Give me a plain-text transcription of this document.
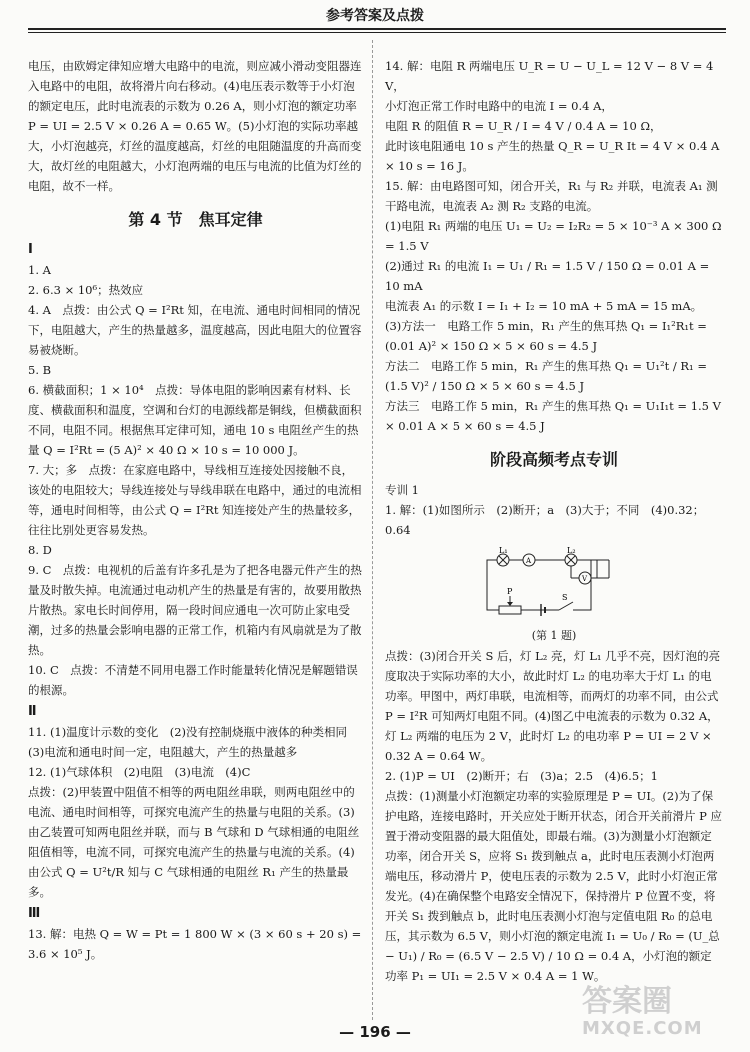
参考答案及点拨

电压，由欧姆定律知应增大电路中的电流，则应减小滑动变阻器连入电路中的电阻，故将滑片向右移动。(4)电压表示数等于小灯泡的额定电压，此时电流表的示数为 0.26 A，则小灯泡的额定功率 P = UI = 2.5 V × 0.26 A = 0.65 W。(5)小灯泡的实际功率越大，小灯泡越亮，灯丝的温度越高，灯丝的电阻随温度的升高而变大，故灯丝的电阻越大，小灯泡两端的电压与电流的比值为灯丝的电阻，故不一样。

第 4 节　焦耳定律
Ⅰ

1. A

2. 6.3 × 10⁶；热效应

4. A　点拨：由公式 Q = I²Rt 知，在电流、通电时间相同的情况下，电阻越大，产生的热量越多，温度越高，因此电阻大的位置容易被烧断。

5. B

6. 横截面积；1 × 10⁴　点拨：导体电阻的影响因素有材料、长度、横截面积和温度，空调和台灯的电源线都是铜线，但横截面积不同，电阻不同。根据焦耳定律可知，通电 10 s 电阻丝产生的热量 Q = I²Rt = (5 A)² × 40 Ω × 10 s = 10 000 J。

7. 大；多　点拨：在家庭电路中，导线相互连接处因接触不良，该处的电阻较大；导线连接处与导线串联在电路中，通过的电流相等，通电时间相等，由公式 Q = I²Rt 知连接处产生的热量较多，往往比别处更容易发热。

8. D

9. C　点拨：电视机的后盖有许多孔是为了把各电器元件产生的热量及时散失掉。电流通过电动机产生的热量是有害的，故要用散热片散热。家电长时间停用，隔一段时间应通电一次可防止家电受潮，过多的热量会影响电器的正常工作，机箱内有风扇就是为了散热。

10. C　点拨：不清楚不同用电器工作时能量转化情况是解题错误的根源。

Ⅱ

11. (1)温度计示数的变化　(2)没有控制烧瓶中液体的种类相同　(3)电流和通电时间一定，电阻越大，产生的热量越多

12. (1)气球体积　(2)电阻　(3)电流　(4)C

点拨：(2)甲装置中阻值不相等的两电阻丝串联，则两电阻丝中的电流、通电时间相等，可探究电流产生的热量与电阻的关系。(3)由乙装置可知两电阻丝并联，而与 B 气球和 D 气球相通的电阻丝阻值相等，电流不同，可探究电流产生的热量与电流的关系。(4)由公式 Q = U²t/R 知与 C 气球相通的电阻丝 R₁ 产生的热量最多。

Ⅲ

13. 解：电热 Q = W = Pt = 1 800 W × (3 × 60 s + 20 s) = 3.6 × 10⁵ J。

14. 解：电阻 R 两端电压 U_R = U − U_L = 12 V − 8 V = 4 V，

小灯泡正常工作时电路中的电流 I = 0.4 A，

电阻 R 的阻值 R = U_R / I = 4 V / 0.4 A = 10 Ω，

此时该电阻通电 10 s 产生的热量 Q_R = U_R It = 4 V × 0.4 A × 10 s = 16 J。

15. 解：由电路图可知，闭合开关，R₁ 与 R₂ 并联，电流表 A₁ 测干路电流，电流表 A₂ 测 R₂ 支路的电流。

(1)电阻 R₁ 两端的电压 U₁ = U₂ = I₂R₂ = 5 × 10⁻³ A × 300 Ω = 1.5 V

(2)通过 R₁ 的电流 I₁ = U₁ / R₁ = 1.5 V / 150 Ω = 0.01 A = 10 mA

电流表 A₁ 的示数 I = I₁ + I₂ = 10 mA + 5 mA = 15 mA。

(3)方法一　电路工作 5 min，R₁ 产生的焦耳热 Q₁ = I₁²R₁t = (0.01 A)² × 150 Ω × 5 × 60 s = 4.5 J

方法二　电路工作 5 min，R₁ 产生的焦耳热 Q₁ = U₁²t / R₁ = (1.5 V)² / 150 Ω × 5 × 60 s = 4.5 J

方法三　电路工作 5 min，R₁ 产生的焦耳热 Q₁ = U₁I₁t = 1.5 V × 0.01 A × 5 × 60 s = 4.5 J

阶段高频考点专训

专训 1

1. 解：(1)如图所示　(2)断开；a　(3)大于；不同　(4)0.32；0.64

L₁
A
L₂
V
P
S
(第 1 题)

点拨：(3)闭合开关 S 后，灯 L₂ 亮，灯 L₁ 几乎不亮，因灯泡的亮度取决于实际功率的大小，故此时灯 L₂ 的电功率大于灯 L₁ 的电功率。甲图中，两灯串联，电流相等，而两灯的功率不同，由公式 P = I²R 可知两灯电阻不同。(4)图乙中电流表的示数为 0.32 A，灯 L₂ 两端的电压为 2 V，此时灯 L₂ 的电功率 P = UI = 2 V × 0.32 A = 0.64 W。

2. (1)P = UI　(2)断开；右　(3)a；2.5　(4)6.5；1

点拨：(1)测量小灯泡额定功率的实验原理是 P = UI。(2)为了保护电路，连接电路时，开关应处于断开状态，闭合开关前滑片 P 应置于滑动变阻器的最大阻值处，即最右端。(3)为测量小灯泡额定功率，闭合开关 S，应将 S₁ 拨到触点 a，此时电压表测小灯泡两端电压，移动滑片 P，使电压表的示数为 2.5 V，此时小灯泡正常发光。(4)在确保整个电路安全情况下，保持滑片 P 位置不变，将开关 S₁ 拨到触点 b，此时电压表测小灯泡与定值电阻 R₀ 的总电压，其示数为 6.5 V，则小灯泡的额定电流 I₁ = U₀ / R₀ = (U_总 − U₁) / R₀ = (6.5 V − 2.5 V) / 10 Ω = 0.4 A，小灯泡的额定功率 P₁ = UI₁ = 2.5 V × 0.4 A = 1 W。

— 196 —
答案圈
MXQE.COM
